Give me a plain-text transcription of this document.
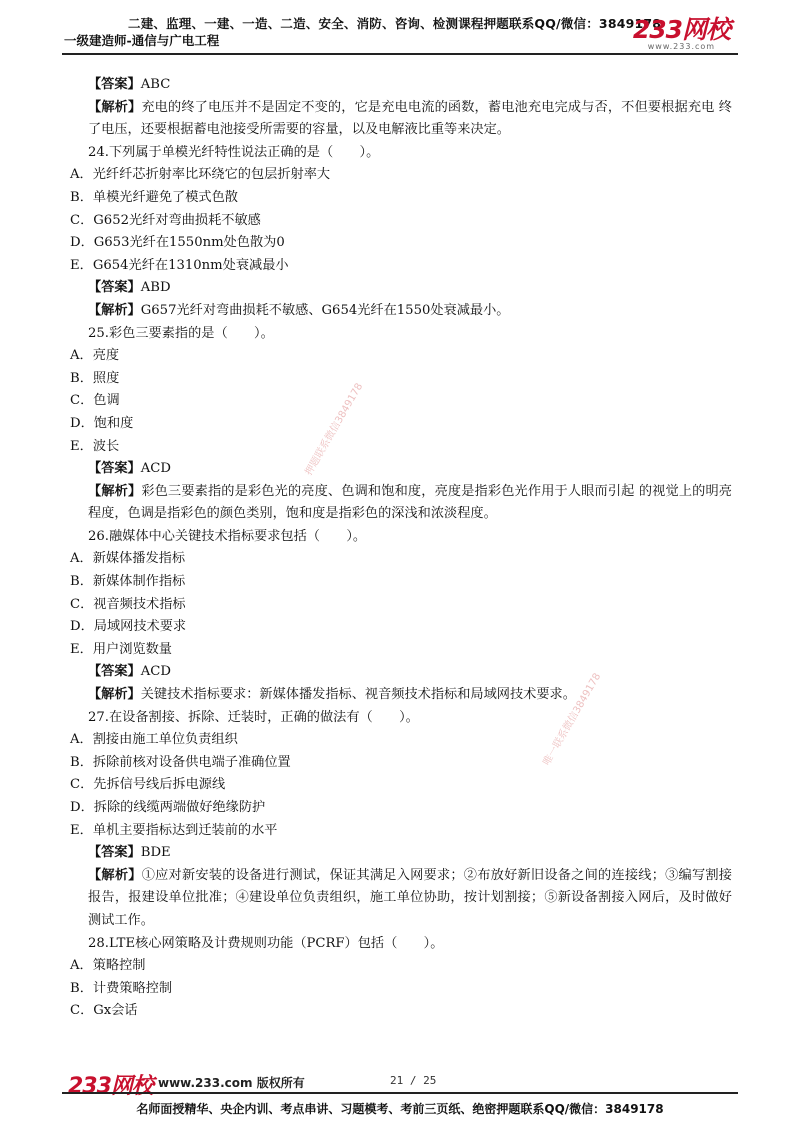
二建、监理、一建、一造、二造、安全、消防、咨询、检测课程押题联系QQ/微信：3849178
一级建造师-通信与广电工程	233网校
www.233.com
【答案】ABC
【解析】充电的终了电压并不是固定不变的，它是充电电流的函数，蓄电池充电完成与否，不但要根据充电 终了电压，还要根据蓄电池接受所需要的容量，以及电解液比重等来决定。
24.下列属于单模光纤特性说法正确的是（　　）。
A．光纤纤芯折射率比环绕它的包层折射率大
B．单模光纤避免了模式色散
C．G652光纤对弯曲损耗不敏感
D．G653光纤在1550nm处色散为0
E．G654光纤在1310nm处衰减最小
【答案】ABD
【解析】G657光纤对弯曲损耗不敏感、G654光纤在1550处衰减最小。
25.彩色三要素指的是（　　）。
A．亮度
B．照度
C．色调
D．饱和度
E．波长
【答案】ACD
【解析】彩色三要素指的是彩色光的亮度、色调和饱和度，亮度是指彩色光作用于人眼而引起 的视觉上的明亮程度，色调是指彩色的颜色类别，饱和度是指彩色的深浅和浓淡程度。
26.融媒体中心关键技术指标要求包括（　　）。
A．新媒体播发指标
B．新媒体制作指标
C．视音频技术指标
D．局域网技术要求
E．用户浏览数量
【答案】ACD
【解析】关键技术指标要求：新媒体播发指标、视音频技术指标和局域网技术要求。
27.在设备割接、拆除、迁装时，正确的做法有（　　）。
A．割接由施工单位负责组织
B．拆除前核对设备供电端子准确位置
C．先拆信号线后拆电源线
D．拆除的线缆两端做好绝缘防护
E．单机主要指标达到迁装前的水平
【答案】BDE
【解析】①应对新安装的设备进行测试，保证其满足入网要求；②布放好新旧设备之间的连接线；③编写割接报告，报建设单位批准；④建设单位负责组织，施工单位协助，按计划割接；⑤新设备割接入网后，及时做好测试工作。
28.LTE核心网策略及计费规则功能（PCRF）包括（　　）。
A．策略控制
B．计费策略控制
C．Gx会话
押题联系微信3849178
唯一联系微信3849178
233网校 www.233.com 版权所有	21 / 25
名师面授精华、央企内训、考点串讲、习题模考、考前三页纸、绝密押题联系QQ/微信：3849178
